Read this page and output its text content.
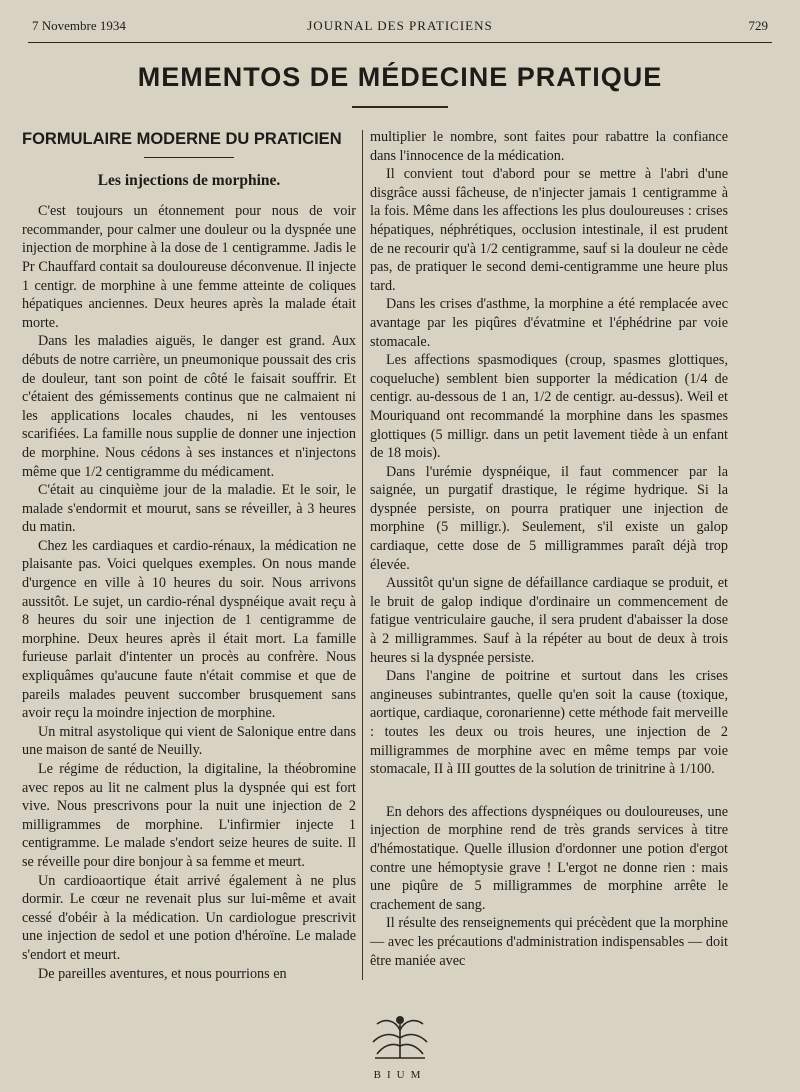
7 Novembre 1934	JOURNAL DES PRATICIENS	729
MEMENTOS DE MÉDECINE PRATIQUE
FORMULAIRE MODERNE DU PRATICIEN
Les injections de morphine.

C'est toujours un étonnement pour nous de voir recommander, pour calmer une douleur ou la dyspnée une injection de morphine à la dose de 1 centigramme. Jadis le Pr Chauffard contait sa douloureuse déconvenue. Il injecte 1 centigr. de morphine à une femme atteinte de coliques hépatiques anciennes. Deux heures après la malade était morte.

Dans les maladies aiguës, le danger est grand. Aux débuts de notre carrière, un pneumonique poussait des cris de douleur, tant son point de côté le faisait souffrir. Et c'étaient des gémissements continus que ne calmaient ni les applications locales chaudes, ni les ventouses scarifiées. La famille nous supplie de donner une injection de morphine. Nous cédons à ses instances et n'injectons même que 1/2 centigramme du médicament.

C'était au cinquième jour de la maladie. Et le soir, le malade s'endormit et mourut, sans se réveiller, à 3 heures du matin.

Chez les cardiaques et cardio-rénaux, la médication ne plaisante pas. Voici quelques exemples. On nous mande d'urgence en ville à 10 heures du soir. Nous arrivons aussitôt. Le sujet, un cardio-rénal dyspnéique avait reçu à 8 heures du soir une injection de 1 centigramme de morphine. Deux heures après il était mort. La famille furieuse parlait d'intenter un procès au confrère. Nous expliquâmes qu'aucune faute n'était commise et que de pareils malades peuvent succomber brusquement sans avoir reçu la moindre injection de morphine.

Un mitral asystolique qui vient de Salonique entre dans une maison de santé de Neuilly.

Le régime de réduction, la digitaline, la théobromine avec repos au lit ne calment plus la dyspnée qui est fort vive. Nous prescrivons pour la nuit une injection de 2 milligrammes de morphine. L'infirmier injecte 1 centigramme. Le malade s'endort seize heures de suite. Il se réveille pour dire bonjour à sa femme et meurt.

Un cardioaortique était arrivé également à ne plus dormir. Le cœur ne revenait plus sur lui-même et avait cessé d'obéir à la médication. Un cardiologue prescrivit une injection de sedol et une potion d'héroïne. Le malade s'endort et meurt.

De pareilles aventures, et nous pourrions en

multiplier le nombre, sont faites pour rabattre la confiance dans l'innocence de la médication.

Il convient tout d'abord pour se mettre à l'abri d'une disgrâce aussi fâcheuse, de n'injecter jamais 1 centigramme à la fois. Même dans les affections les plus douloureuses : crises hépatiques, néphrétiques, occlusion intestinale, il est prudent de ne recourir qu'à 1/2 centigramme, sauf si la douleur ne cède pas, de pratiquer le second demi-centigramme une heure plus tard.

Dans les crises d'asthme, la morphine a été remplacée avec avantage par les piqûres d'évatmine et l'éphédrine par voie stomacale.

Les affections spasmodiques (croup, spasmes glottiques, coqueluche) semblent bien supporter la médication (1/4 de centigr. au-dessous de 1 an, 1/2 de centigr. au-dessus). Weil et Mouriquand ont recommandé la morphine dans les spasmes glottiques (5 milligr. dans un petit lavement tiède à un enfant de 18 mois).

Dans l'urémie dyspnéique, il faut commencer par la saignée, un purgatif drastique, le régime hydrique. Si la dyspnée persiste, on pourra pratiquer une injection de morphine (5 milligr.). Seulement, s'il existe un galop cardiaque, cette dose de 5 milligrammes paraît déjà trop élevée.

Aussitôt qu'un signe de défaillance cardiaque se produit, et le bruit de galop indique d'ordinaire un commencement de fatigue ventriculaire gauche, il sera prudent d'abaisser la dose à 2 milligrammes. Sauf à la répéter au bout de deux à trois heures si la dyspnée persiste.

Dans l'angine de poitrine et surtout dans les crises angineuses subintrantes, quelle qu'en soit la cause (toxique, aortique, cardiaque, coronarienne) cette méthode fait merveille : toutes les deux ou trois heures, une injection de 2 milligrammes de morphine avec en même temps par voie stomacale, II à III gouttes de la solution de trinitrine à 1/100.

En dehors des affections dyspnéiques ou douloureuses, une injection de morphine rend de très grands services à titre d'hémostatique. Quelle illusion d'ordonner une potion d'ergot contre une hémoptysie grave ! L'ergot ne donne rien : mais une piqûre de 5 milligrammes de morphine arrête le crachement de sang.

Il résulte des renseignements qui précèdent que la morphine — avec les précautions d'administration indispensables — doit être maniée avec

BIUM
